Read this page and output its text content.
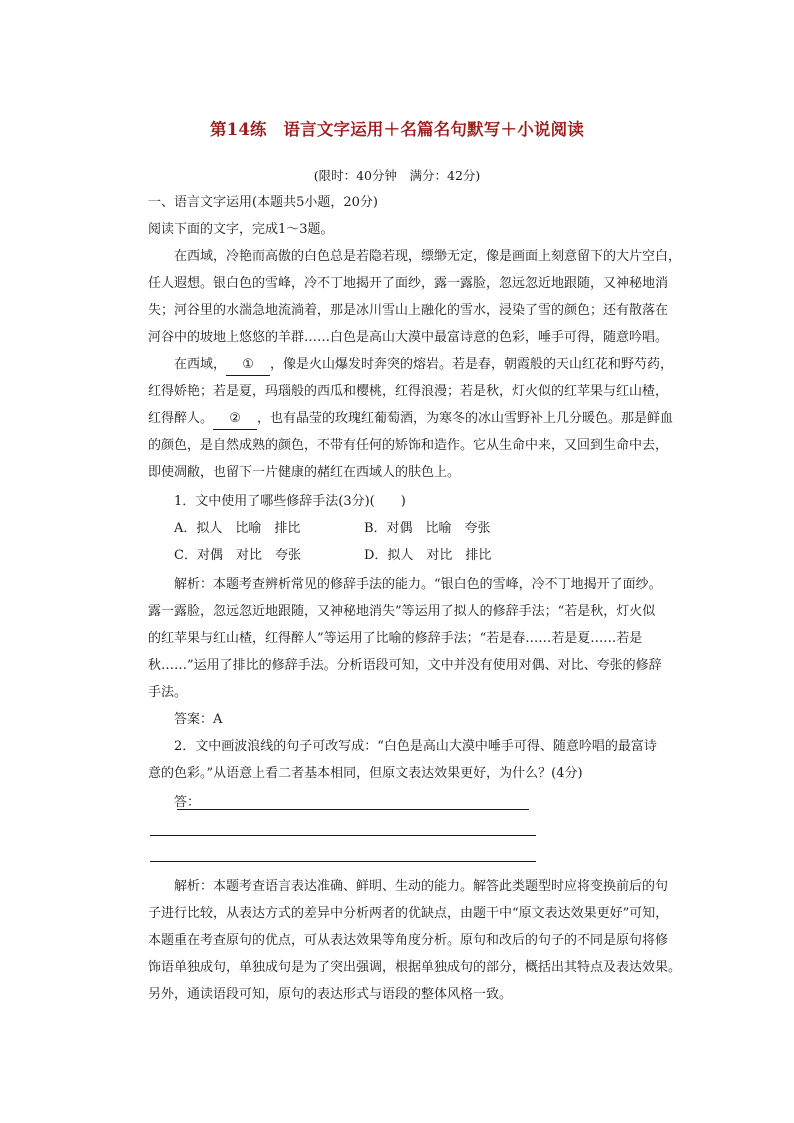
第14练　语言文字运用＋名篇名句默写＋小说阅读
(限时：40分钟　满分：42分)
一、语言文字运用(本题共5小题，20分)
阅读下面的文字，完成1～3题。
　　在西域，冷艳而高傲的白色总是若隐若现，缥缈无定，像是画面上刻意留下的大片空白，
任人遐想。银白色的雪峰，冷不丁地揭开了面纱，露一露脸，忽远忽近地跟随，又神秘地消
失；河谷里的水湍急地流淌着，那是冰川雪山上融化的雪水，浸染了雪的颜色；还有散落在
河谷中的坡地上悠悠的羊群……白色是高山大漠中最富诗意的色彩，唾手可得，随意吟唱。
　　在西域， ① ，像是火山爆发时奔突的熔岩。若是春，朝霞般的天山红花和野芍药，
红得娇艳；若是夏，玛瑙般的西瓜和樱桃，红得浪漫；若是秋，灯火似的红苹果与红山楂，
红得醉人。 ② ，也有晶莹的玫瑰红葡萄酒，为寒冬的冰山雪野补上几分暖色。那是鲜血
的颜色，是自然成熟的颜色，不带有任何的矫饰和造作。它从生命中来，又回到生命中去，
即使凋敝，也留下一片健康的赭红在西域人的肤色上。
　　1．文中使用了哪些修辞手法(3分)(　　)
　　A．拟人　比喻　排比	B．对偶　比喻　夸张
　　C．对偶　对比　夸张	D．拟人　对比　排比
　　解析：本题考查辨析常见的修辞手法的能力。“银白色的雪峰，冷不丁地揭开了面纱。
露一露脸，忽远忽近地跟随，又神秘地消失”等运用了拟人的修辞手法；“若是秋，灯火似
的红苹果与红山楂，红得醉人”等运用了比喻的修辞手法；“若是春……若是夏……若是
秋……”运用了排比的修辞手法。分析语段可知，文中并没有使用对偶、对比、夸张的修辞
手法。
　　答案：A
　　2．文中画波浪线的句子可改写成：“白色是高山大漠中唾手可得、随意吟唱的最富诗
意的色彩。”从语意上看二者基本相同，但原文表达效果更好，为什么？(4分)
　　答：
　　解析：本题考查语言表达准确、鲜明、生动的能力。解答此类题型时应将变换前后的句
子进行比较，从表达方式的差异中分析两者的优缺点，由题干中“原文表达效果更好”可知，
本题重在考查原句的优点，可从表达效果等角度分析。原句和改后的句子的不同是原句将修
饰语单独成句，单独成句是为了突出强调，根据单独成句的部分，概括出其特点及表达效果。
另外，通读语段可知，原句的表达形式与语段的整体风格一致。
